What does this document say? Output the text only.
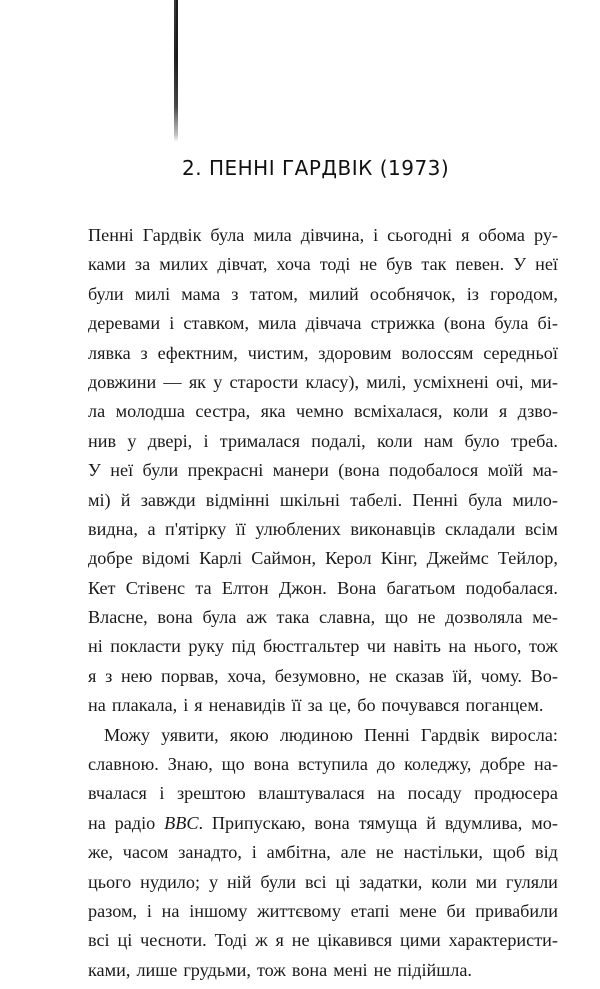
2. ПЕННІ ГАРДВІК (1973)
Пенні Гардвік була мила дівчина, і сьогодні я обома ру-
ками за милих дівчат, хоча тоді не був так певен. У неї
були милі мама з татом, милий особнячок, із городом,
деревами і ставком, мила дівчача стрижка (вона була бі-
лявка з ефектним, чистим, здоровим волоссям середньої
довжини — як у старости класу), милі, усміхнені очі, ми-
ла молодша сестра, яка чемно всміхалася, коли я дзво-
нив у двері, і трималася подалі, коли нам було треба.
У неї були прекрасні манери (вона подобалося моїй ма-
мі) й завжди відмінні шкільні табелі. Пенні була мило-
видна, а п'ятірку її улюблених виконавців складали всім
добре відомі Карлі Саймон, Керол Кінг, Джеймс Тейлор,
Кет Стівенс та Елтон Джон. Вона багатьом подобалася.
Власне, вона була аж така славна, що не дозволяла ме-
ні покласти руку під бюстгальтер чи навіть на нього, тож
я з нею порвав, хоча, безумовно, не сказав їй, чому. Во-
на плакала, і я ненавидів її за це, бо почувався поганцем.
Можу уявити, якою людиною Пенні Гардвік виросла:
славною. Знаю, що вона вступила до коледжу, добре на-
вчалася і зрештою влаштувалася на посаду продюсера
на радіо BBC. Припускаю, вона тямуща й вдумлива, мо-
же, часом занадто, і амбітна, але не настільки, щоб від
цього нудило; у ній були всі ці задатки, коли ми гуляли
разом, і на іншому життєвому етапі мене би привабили
всі ці чесноти. Тоді ж я не цікавився цими характеристи-
ками, лише грудьми, тож вона мені не підійшла.
